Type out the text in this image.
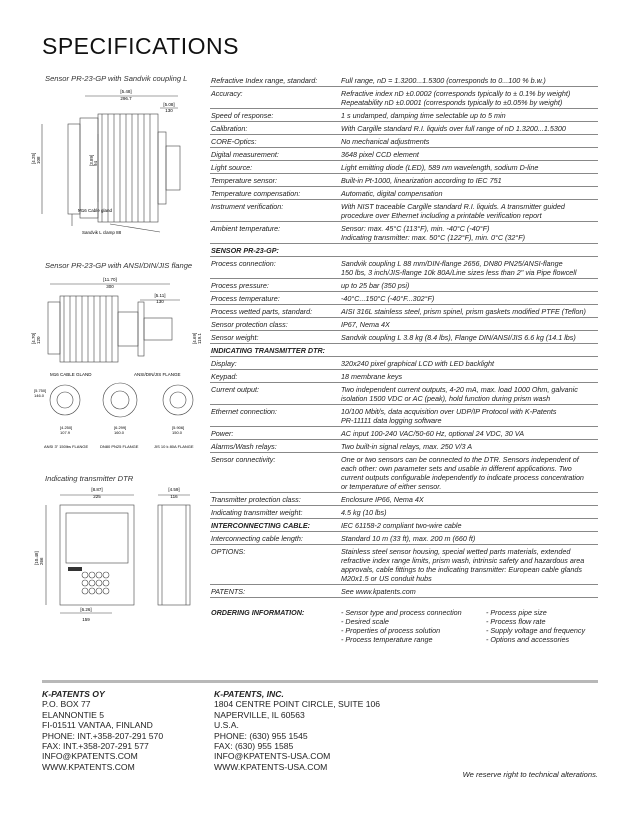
SPECIFICATIONS
Sensor PR-23-GP with Sandvik coupling L
[5.48]
296.7
[5.08]
130
[4.25] 108	[3.89] 94
M16 Cable gland
Sandvik L clamp 88
Sensor PR-23-GP with ANSI/DIN/JIS flange
[11.70]
300
[5.11]
130
[4.70] 120	[4.69] 119.1
M16 CABLE GLAND	ANSI/DIN/JIS FLANGE
[5.750]
146.0
[4.250]
107.9
ANSI 3" 150lbs FLANGE
[6.299]
160.0
DN80 PN25 FLANGE
[5.906]
150.0
JIS 10 k 80A FLANGE
Indicating transmitter DTR
[8.87]
225
[4.59]
116
[10.48] 266
[6.26]
159
Refractive Index range, standard:	Full range, nD = 1.3200...1.5300 (corresponds to 0...100 % b.w.)
Accuracy:	Refractive index nD ±0.0002 (corresponds typically to ± 0.1% by weight)
Repeatability nD ±0.0001 (corresponds typically to ±0.05% by weight)
Speed of response:	1 s undamped, damping time selectable up to 5 min
Calibration:	With Cargille standard R.I. liquids over full range of nD 1.3200...1.5300
CORE-Optics:	No mechanical adjustments
Digital measurement:	3648 pixel CCD element
Light source:	Light emitting diode (LED), 589 nm wavelength, sodium D-line
Temperature sensor:	Built-in Pt-1000, linearization according to IEC 751
Temperature compensation:	Automatic, digital compensation
Instrument verification:	With NIST traceable Cargille standard R.I. liquids. A transmitter guided
procedure over Ethernet including a printable verification report
Ambient temperature:	Sensor: max. 45°C (113°F), min. -40°C (-40°F)
Indicating transmitter: max. 50°C (122°F), min. 0°C (32°F)
SENSOR PR-23-GP:
Process connection:	Sandvik coupling L 88 mm/DIN-flange 2656, DN80 PN25/ANSI-flange
150 lbs, 3 inch/JIS-flange 10k 80A/Line sizes less than 2" via Pipe flowcell
Process pressure:	up to 25 bar (350 psi)
Process temperature:	-40°C...150°C (-40°F...302°F)
Process wetted parts, standard:	AISI 316L stainless steel, prism spinel, prism gaskets modified PTFE (Teflon)
Sensor protection class:	IP67, Nema 4X
Sensor weight:	Sandvik coupling L 3.8 kg (8.4 lbs), Flange DIN/ANSI/JIS 6.6 kg (14.1 lbs)
INDICATING TRANSMITTER DTR:
Display:	320x240 pixel graphical LCD with LED backlight
Keypad:	18 membrane keys
Current output:	Two independent current outputs, 4-20 mA, max. load 1000 Ohm, galvanic
isolation 1500 VDC or AC (peak), hold function during prism wash
Ethernet connection:	10/100 Mbit/s, data acquisition over UDP/IP Protocol with K-Patents
PR-11111 data logging software
Power:	AC input 100-240 VAC/50-60 Hz, optional 24 VDC, 30 VA
Alarms/Wash relays:	Two built-in signal relays, max. 250 V/3 A
Sensor connectivity:	One or two sensors can be connected to the DTR. Sensors independent of
each other: own parameter sets and usable in different applications. Two
current outputs configurable independently to indicate process concentration
or temperature of either sensor.
Transmitter protection class:	Enclosure IP66, Nema 4X
Indicating transmitter weight:	4.5 kg (10 lbs)
INTERCONNECTING CABLE:	IEC 61158-2 compliant two-wire cable
Interconnecting cable length:	Standard 10 m (33 ft), max. 200 m (660 ft)
OPTIONS:	Stainless steel sensor housing, special wetted parts materials, extended
refractive index range limits, prism wash, intrinsic safety and hazardous area
approvals, cable fittings to the indicating transmitter: European cable glands
M20x1.5 or US conduit hubs
PATENTS:	See www.kpatents.com
ORDERING INFORMATION:	- Sensor type and process connection
- Desired scale
- Properties of process solution
- Process temperature range
- Process pipe size
- Process flow rate
- Supply voltage and frequency
- Options and accessories
K-PATENTS OY
P.O. BOX 77
ELANNONTIE 5
FI-01511 VANTAA, FINLAND
PHONE: INT.+358-207-291 570
FAX: INT.+358-207-291 577
INFO@KPATENTS.COM
WWW.KPATENTS.COM
K-PATENTS, INC.
1804 CENTRE POINT CIRCLE, SUITE 106
NAPERVILLE, IL 60563
U.S.A.
PHONE: (630) 955 1545
FAX: (630) 955 1585
INFO@KPATENTS-USA.COM
WWW.KPATENTS-USA.COM
We reserve right to technical alterations.
